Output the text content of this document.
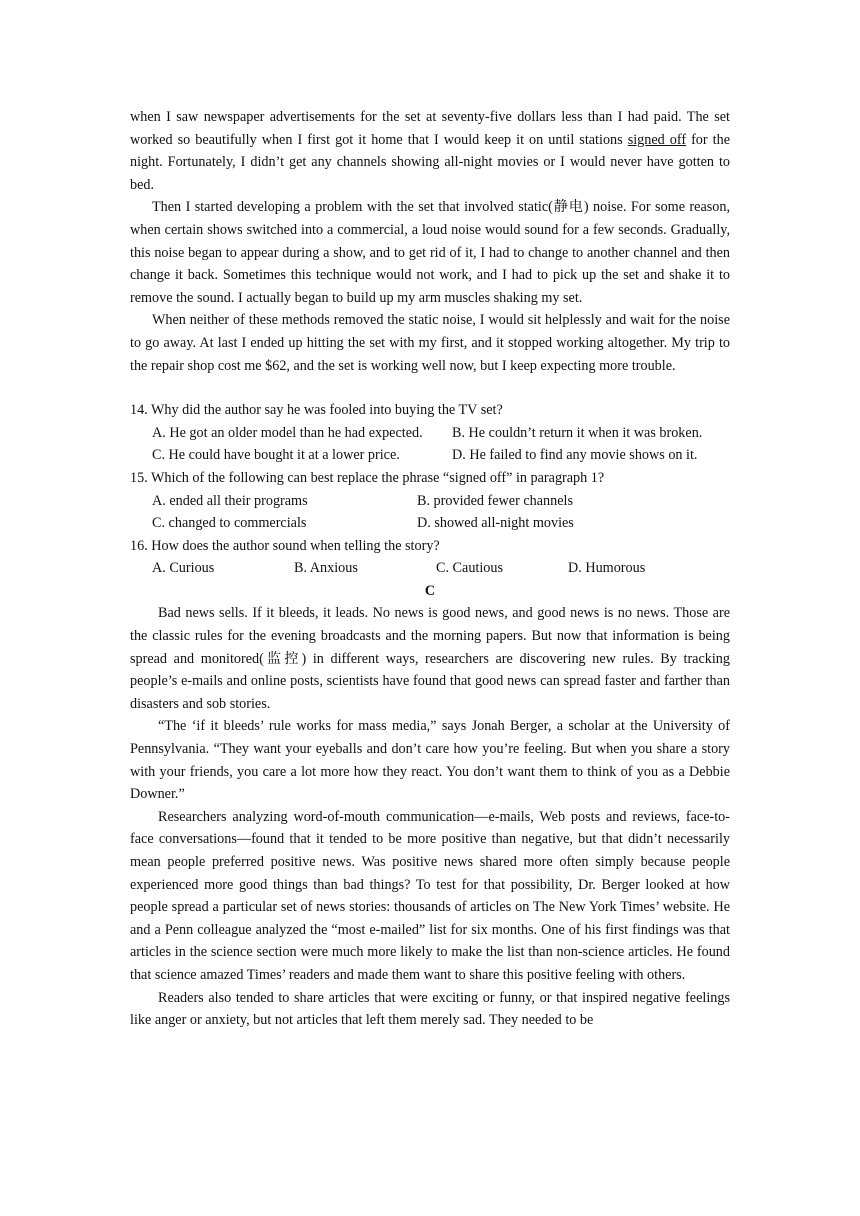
when I saw newspaper advertisements for the set at seventy-five dollars less than I had paid. The set worked so beautifully when I first got it home that I would keep it on until stations signed off for the night. Fortunately, I didn’t get any channels showing all-night movies or I would never have gotten to bed.

Then I started developing a problem with the set that involved static(静电) noise. For some reason, when certain shows switched into a commercial, a loud noise would sound for a few seconds. Gradually, this noise began to appear during a show, and to get rid of it, I had to change to another channel and then change it back. Sometimes this technique would not work, and I had to pick up the set and shake it to remove the sound. I actually began to build up my arm muscles shaking my set.

When neither of these methods removed the static noise, I would sit helplessly and wait for the noise to go away. At last I ended up hitting the set with my first, and it stopped working altogether. My trip to the repair shop cost me $62, and the set is working well now, but I keep expecting more trouble.

14. Why did the author say he was fooled into buying the TV set?

A. He got an older model than he had expected.	B. He couldn’t return it when it was broken.
C. He could have bought it at a lower price.	D. He failed to find any movie shows on it.

15. Which of the following can best replace the phrase “signed off” in paragraph 1?

A. ended all their programs	B. provided fewer channels
C. changed to commercials	D. showed all-night movies

16. How does the author sound when telling the story?

A. Curious	B. Anxious	C. Cautious	D. Humorous

C

Bad news sells. If it bleeds, it leads. No news is good news, and good news is no news. Those are the classic rules for the evening broadcasts and the morning papers. But now that information is being spread and monitored(监控) in different ways, researchers are discovering new rules. By tracking people’s e-mails and online posts, scientists have found that good news can spread faster and farther than disasters and sob stories.

“The ‘if it bleeds’ rule works for mass media,” says Jonah Berger, a scholar at the University of Pennsylvania. “They want your eyeballs and don’t care how you’re feeling. But when you share a story with your friends, you care a lot more how they react. You don’t want them to think of you as a Debbie Downer.”

Researchers analyzing word-of-mouth communication—e-mails, Web posts and reviews, face-to-face conversations—found that it tended to be more positive than negative, but that didn’t necessarily mean people preferred positive news. Was positive news shared more often simply because people experienced more good things than bad things? To test for that possibility, Dr. Berger looked at how people spread a particular set of news stories: thousands of articles on The New York Times’ website. He and a Penn colleague analyzed the “most e-mailed” list for six months. One of his first findings was that articles in the science section were much more likely to make the list than non-science articles. He found that science amazed Times’ readers and made them want to share this positive feeling with others.

Readers also tended to share articles that were exciting or funny, or that inspired negative feelings like anger or anxiety, but not articles that left them merely sad. They needed to be
